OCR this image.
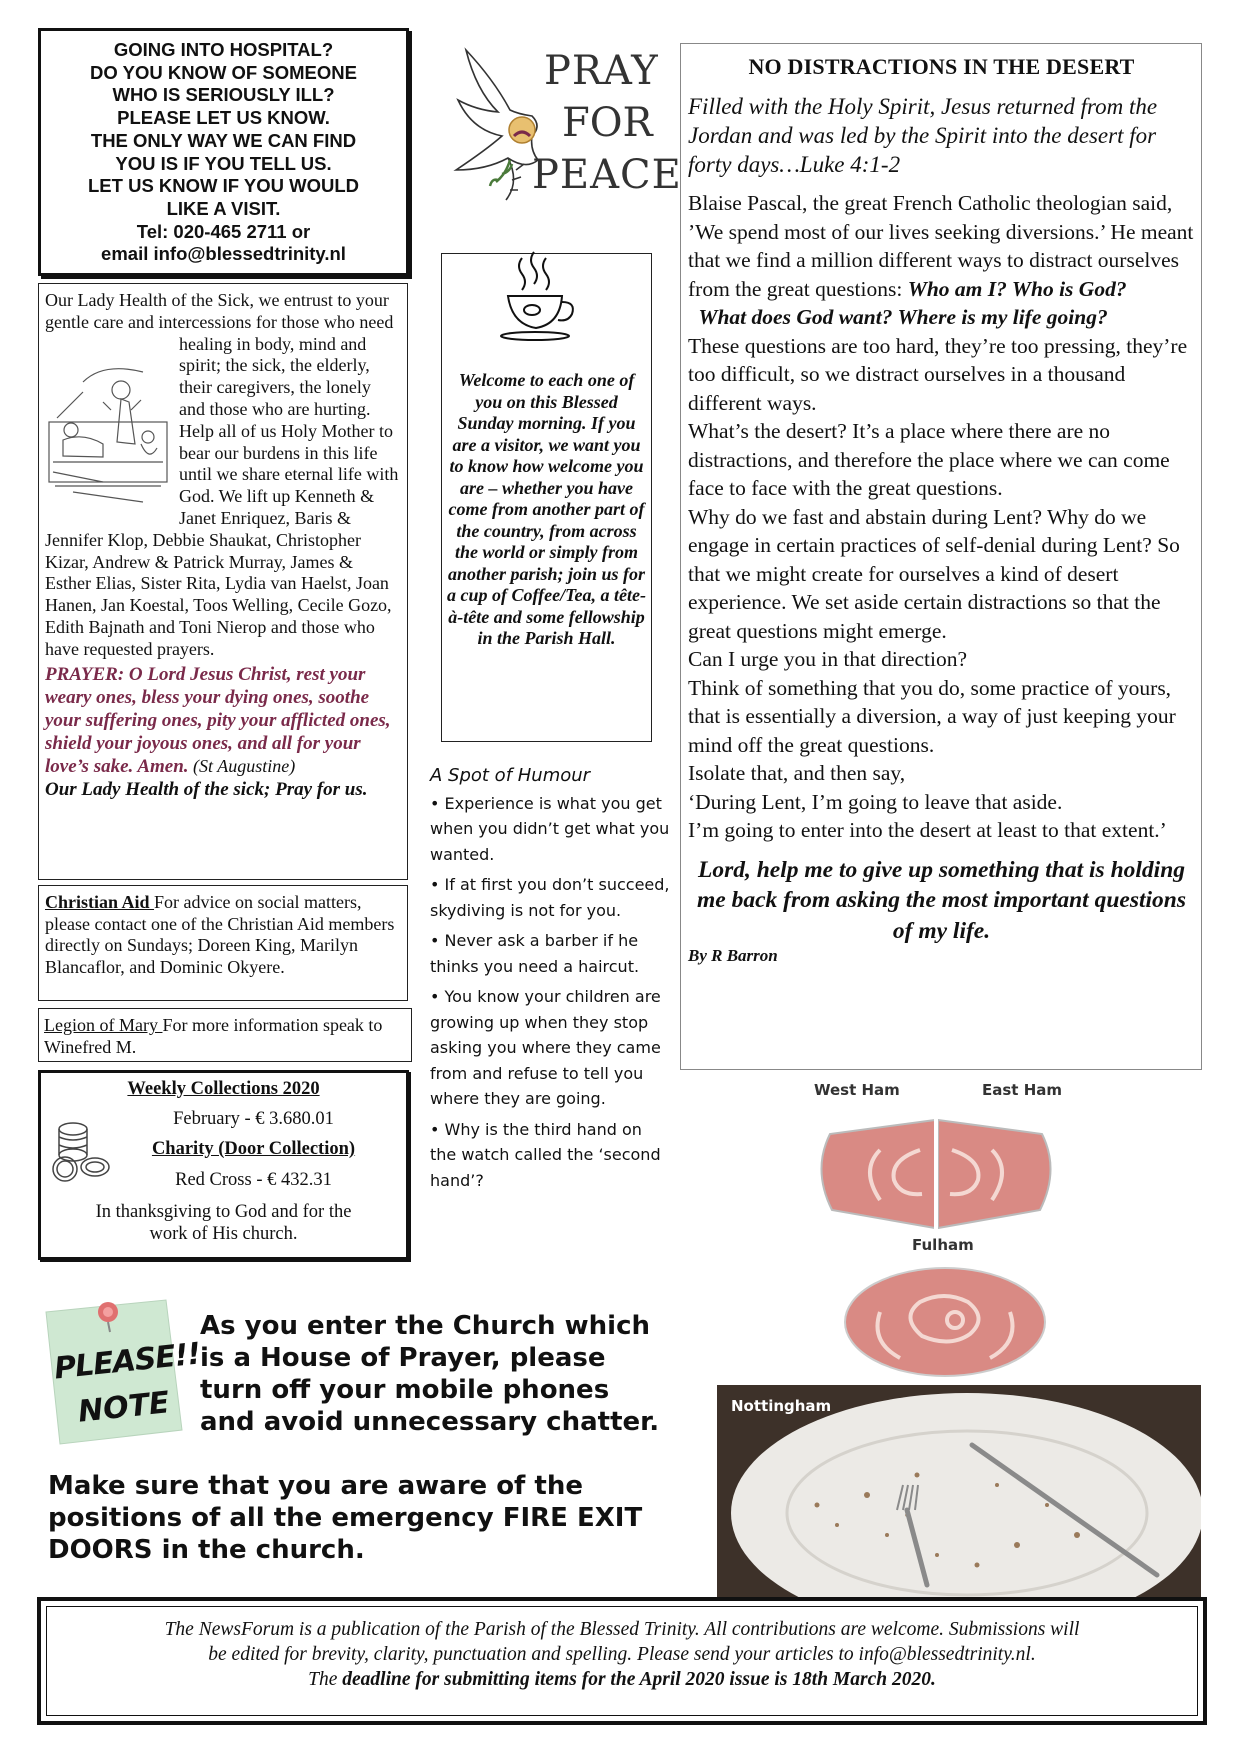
GOING INTO HOSPITAL?
DO YOU KNOW OF SOMEONE
WHO IS SERIOUSLY ILL?
PLEASE LET US KNOW.
THE ONLY WAY WE CAN FIND
YOU IS IF YOU TELL US.
LET US KNOW IF YOU WOULD
LIKE A VISIT.
Tel: 020-465 2711 or
email info@blessedtrinity.nl
Our Lady Health of the Sick, we entrust to your gentle care and intercessions for those who need healing in body, mind and spirit; the sick, the elderly, their caregivers, the lonely and those who are hurting.
Help all of us Holy Mother to bear our burdens in this life until we share eternal life with God. We lift up Kenneth & Janet Enriquez, Baris & Jennifer Klop, Debbie Shaukat, Christopher Kizar, Andrew & Patrick Murray, James & Esther Elias, Sister Rita, Lydia van Haelst, Joan Hanen, Jan Koestal, Toos Welling, Cecile Gozo, Edith Bajnath and Toni Nierop and those who have requested prayers.
PRAYER: O Lord Jesus Christ, rest your weary ones, bless your dying ones, soothe your suffering ones, pity your afflicted ones, shield your joyous ones, and all for your love’s sake. Amen. (St Augustine)
Our Lady Health of the sick; Pray for us.
Christian Aid For advice on social matters, please contact one of the Christian Aid members directly on Sundays; Doreen King, Marilyn Blancaflor, and Dominic Okyere.
Legion of Mary For more information speak to Winefred M.
Weekly Collections 2020
February - € 3.680.01
Charity (Door Collection)
Red Cross - € 432.31
In thanksgiving to God and for the work of His church.
PRAY
FOR
PEACE
Welcome to each one of you on this Blessed Sunday morning. If you are a visitor, we want you to know how welcome you are – whether you have come from another part of the country, from across the world or simply from another parish; join us for a cup of Coffee/Tea, a tête-à-tête and some fellowship in the Parish Hall.
A Spot of Humour
• Experience is what you get when you didn’t get what you wanted.
• If at first you don’t succeed, skydiving is not for you.
• Never ask a barber if he thinks you need a haircut.
• You know your children are growing up when they stop asking you where they came from and refuse to tell you where they are going.
• Why is the third hand on the watch called the ‘second hand’?
NO DISTRACTIONS IN THE DESERT
Filled with the Holy Spirit, Jesus returned from the Jordan and was led by the Spirit into the desert for forty days…Luke 4:1-2
Blaise Pascal, the great French Catholic theologian said, ’We spend most of our lives seeking diversions.’ He meant that we find a million different ways to distract ourselves from the great questions: Who am I? Who is God?
What does God want? Where is my life going?
These questions are too hard, they’re too pressing, they’re too difficult, so we distract ourselves in a thousand different ways.
What’s the desert? It’s a place where there are no distractions, and therefore the place where we can come face to face with the great questions.
Why do we fast and abstain during Lent? Why do we engage in certain practices of self-denial during Lent? So that we might create for ourselves a kind of desert experience. We set aside certain distractions so that the great questions might emerge.
Can I urge you in that direction?
Think of something that you do, some practice of yours, that is essentially a diversion, a way of just keeping your mind off the great questions.
Isolate that, and then say,
‘During Lent, I’m going to leave that aside.
I’m going to enter into the desert at least to that extent.’
Lord, help me to give up something that is holding me back from asking the most important questions of my life.
By R Barron
West Ham	East Ham
Fulham
Nottingham
PLEASE!!
NOTE
As you enter the Church which is a House of Prayer, please turn off your mobile phones and avoid unnecessary chatter.
Make sure that you are aware of the positions of all the emergency FIRE EXIT DOORS in the church.
The NewsForum is a publication of the Parish of the Blessed Trinity. All contributions are welcome. Submissions will
be edited for brevity, clarity, punctuation and spelling. Please send your articles to info@blessedtrinity.nl.
The deadline for submitting items for the April 2020 issue is 18th March 2020.
